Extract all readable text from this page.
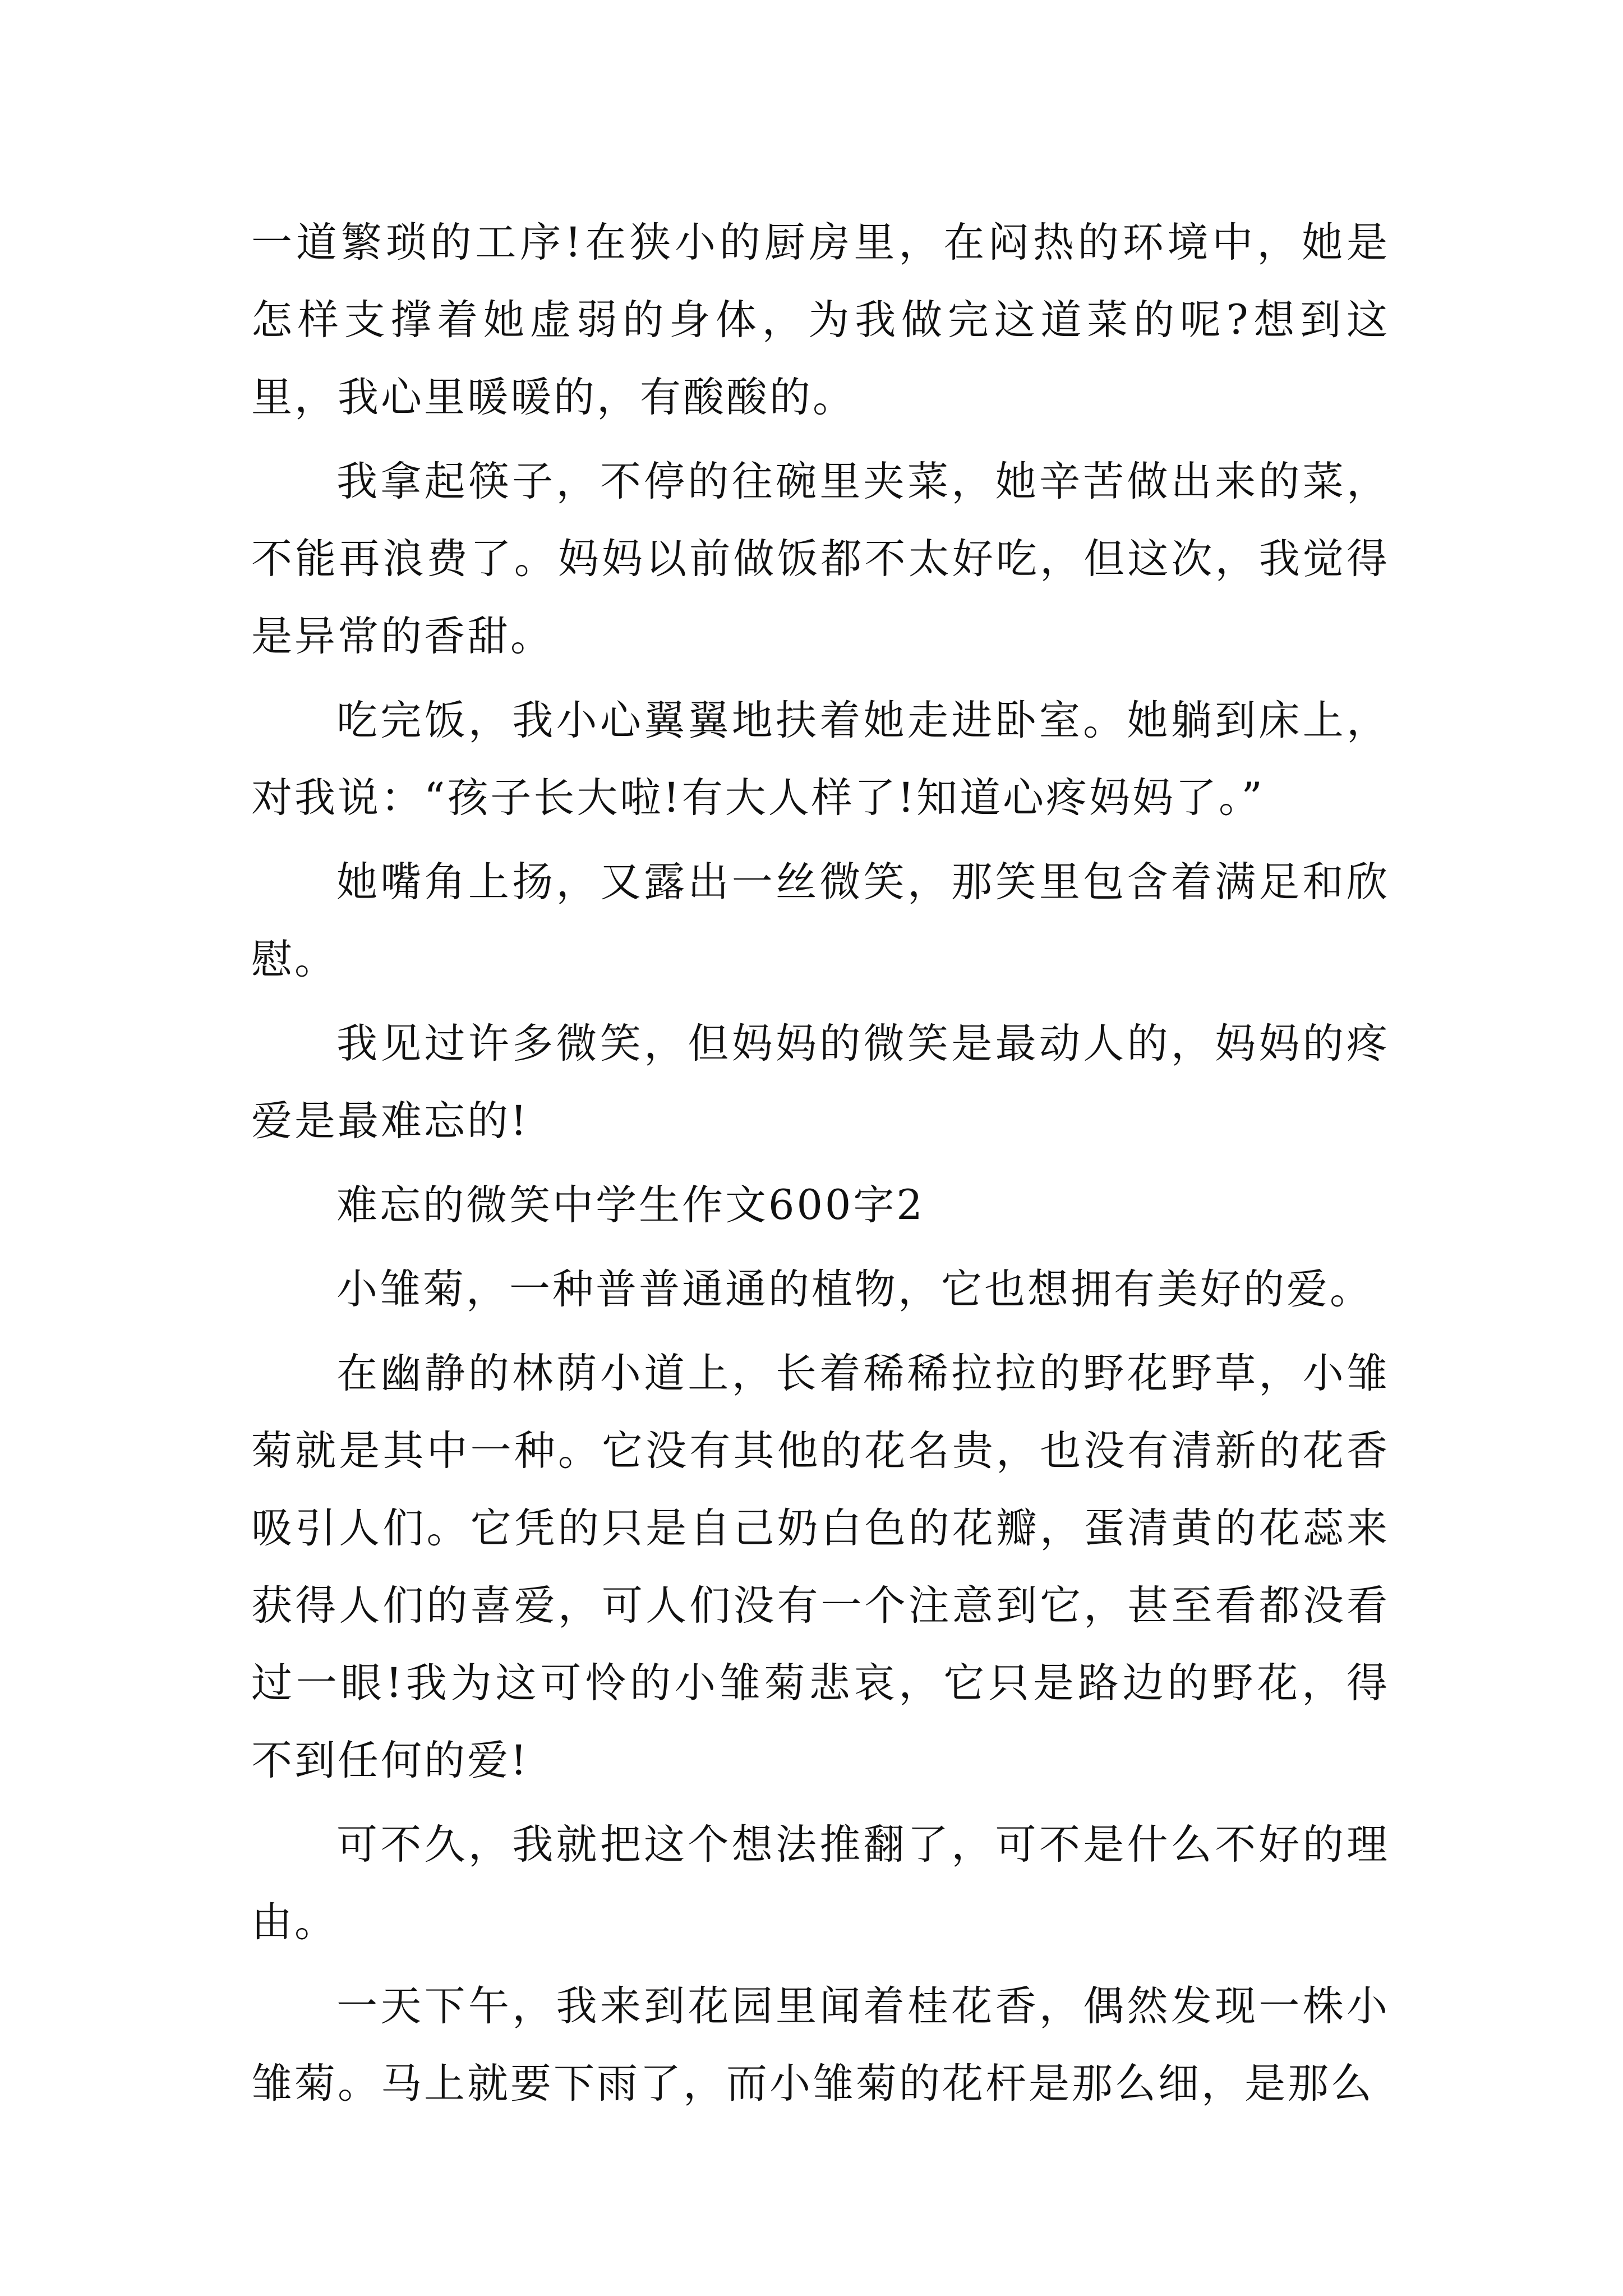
一道繁琐的工序!在狭小的厨房里，在闷热的环境中，她是怎样支撑着她虚弱的身体，为我做完这道菜的呢?想到这里，我心里暖暖的，有酸酸的。

我拿起筷子，不停的往碗里夹菜，她辛苦做出来的菜，不能再浪费了。妈妈以前做饭都不太好吃，但这次，我觉得是异常的香甜。

吃完饭，我小心翼翼地扶着她走进卧室。她躺到床上，对我说：“孩子长大啦!有大人样了!知道心疼妈妈了。”

她嘴角上扬，又露出一丝微笑，那笑里包含着满足和欣慰。

我见过许多微笑，但妈妈的微笑是最动人的，妈妈的疼爱是最难忘的!

难忘的微笑中学生作文600字2

小雏菊，一种普普通通的植物，它也想拥有美好的爱。

在幽静的林荫小道上，长着稀稀拉拉的野花野草，小雏菊就是其中一种。它没有其他的花名贵，也没有清新的花香吸引人们。它凭的只是自己奶白色的花瓣，蛋清黄的花蕊来获得人们的喜爱，可人们没有一个注意到它，甚至看都没看过一眼!我为这可怜的小雏菊悲哀，它只是路边的野花，得不到任何的爱!

可不久，我就把这个想法推翻了，可不是什么不好的理由。

一天下午，我来到花园里闻着桂花香，偶然发现一株小雏菊。马上就要下雨了，而小雏菊的花杆是那么细，是那么
